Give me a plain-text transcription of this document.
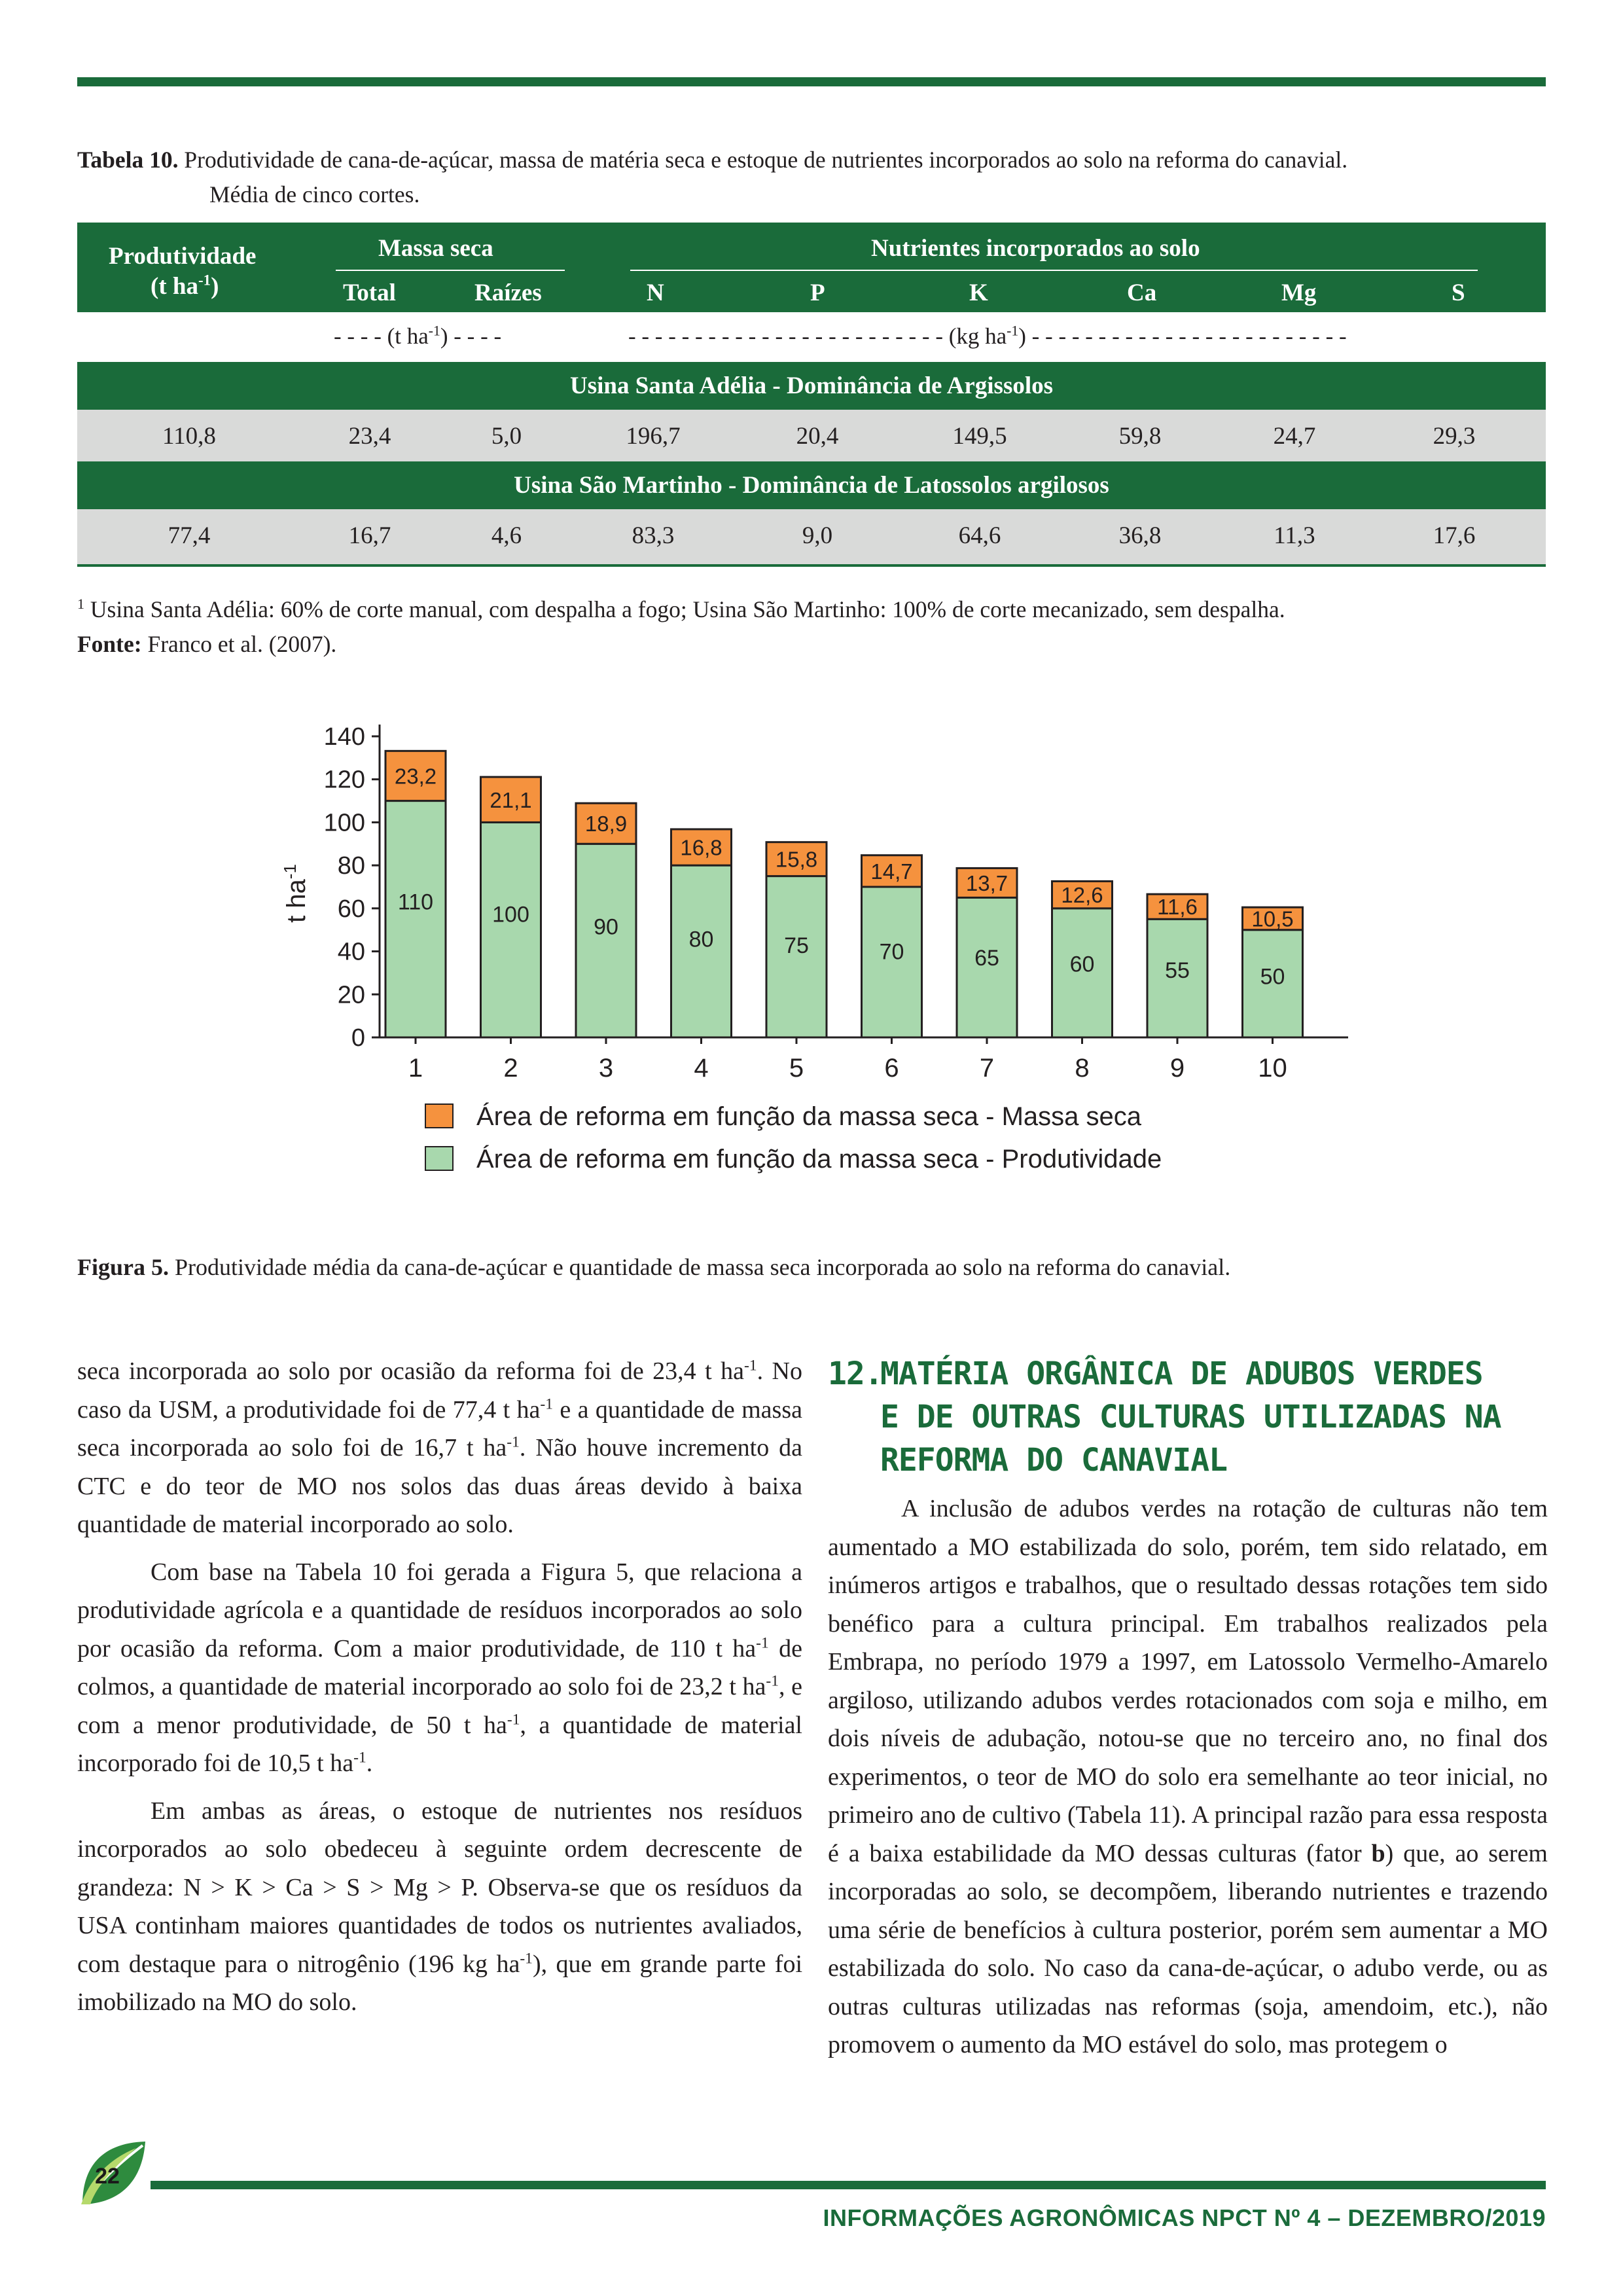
Tabela 10. Produtividade de cana-de-açúcar, massa de matéria seca e estoque de nutrientes incorporados ao solo na reforma do canavial.
Média de cinco cortes.
Produtividade
(t $ha^{-1}$)
Massa seca	Nutrientes incorporados ao solo
Total	Raízes	N	P	K	Ca	Mg	S
- - - - (t $ha^{-1}$) - - - -	- - - - - - - - - - - - - - - - - - - - - - - - (kg $ha^{-1}$) - - - - - - - - - - - - - - - - - - - - - - - -
Usina Santa Adélia - Dominância de Argissolos
110,8	23,4	5,0	196,7	20,4	149,5	59,8	24,7	29,3
Usina São Martinho - Dominância de Latossolos argilosos
77,4	16,7	4,6	83,3	9,0	64,6	36,8	11,3	17,6
$^1$ Usina Santa Adélia: 60% de corte manual, com despalha a fogo; Usina São Martinho: 100% de corte mecanizado, sem despalha.
Fonte: Franco et al. (2007).
0
20
40
60
80
100
120
140
t $ha^{-1}$
110
23,2
1
100
21,1
2
90
18,9
3
80
16,8
4
75
15,8
5
70
14,7
6
65
13,7
7
60
12,6
8
55
11,6
9
50
10,5
10
Área de reforma em função da massa seca - Massa seca
Área de reforma em função da massa seca - Produtividade
Figura 5. Produtividade média da cana-de-açúcar e quantidade de massa seca incorporada ao solo na reforma do canavial.

seca incorporada ao solo por ocasião da reforma foi de 23,4 t $ha^{-1}$. No caso da USM, a produtividade foi de 77,4 t $ha^{-1}$ e a quantidade de massa seca incorporada ao solo foi de 16,7 t $ha^{-1}$. Não houve incremento da CTC e do teor de MO nos solos das duas áreas devido à baixa quantidade de material incorporado ao solo.

Com base na Tabela 10 foi gerada a Figura 5, que relaciona a produtividade agrícola e a quantidade de resíduos incorporados ao solo por ocasião da reforma. Com a maior produtividade, de 110 t $ha^{-1}$ de colmos, a quantidade de material incorporado ao solo foi de 23,2 t $ha^{-1}$, e com a menor produtividade, de 50 t $ha^{-1}$, a quantidade de material incorporado foi de 10,5 t $ha^{-1}$.

Em ambas as áreas, o estoque de nutrientes nos resíduos incorporados ao solo obedeceu à seguinte ordem decrescente de grandeza: N > K > Ca > S > Mg > P. Observa-se que os resíduos da USA continham maiores quantidades de todos os nutrientes avaliados, com destaque para o nitrogênio (196 kg $ha^{-1}$), que em grande parte foi imobilizado na MO do solo.

12.MATÉRIA ORGÂNICA DE ADUBOS VERDES
E DE OUTRAS CULTURAS UTILIZADAS NA
REFORMA DO CANAVIAL

A inclusão de adubos verdes na rotação de culturas não tem aumentado a MO estabilizada do solo, porém, tem sido relatado, em inúmeros artigos e trabalhos, que o resultado dessas rotações tem sido benéfico para a cultura principal. Em trabalhos realizados pela Embrapa, no período 1979 a 1997, em Latossolo Vermelho-Amarelo argiloso, utilizando adubos verdes rotacionados com soja e milho, em dois níveis de adubação, notou-se que no terceiro ano, no final dos experimentos, o teor de MO do solo era semelhante ao teor inicial, no primeiro ano de cultivo (Tabela 11). A principal razão para essa resposta é a baixa estabilidade da MO dessas culturas (fator b) que, ao serem incorporadas ao solo, se decompõem, liberando nutrientes e trazendo uma série de benefícios à cultura posterior, porém sem aumentar a MO estabilizada do solo. No caso da cana-de-açúcar, o adubo verde, ou as outras culturas utilizadas nas reformas (soja, amendoim, etc.), não promovem o aumento da MO estável do solo, mas protegem o

22
INFORMAÇÕES AGRONÔMICAS NPCT Nº 4 – DEZEMBRO/2019
